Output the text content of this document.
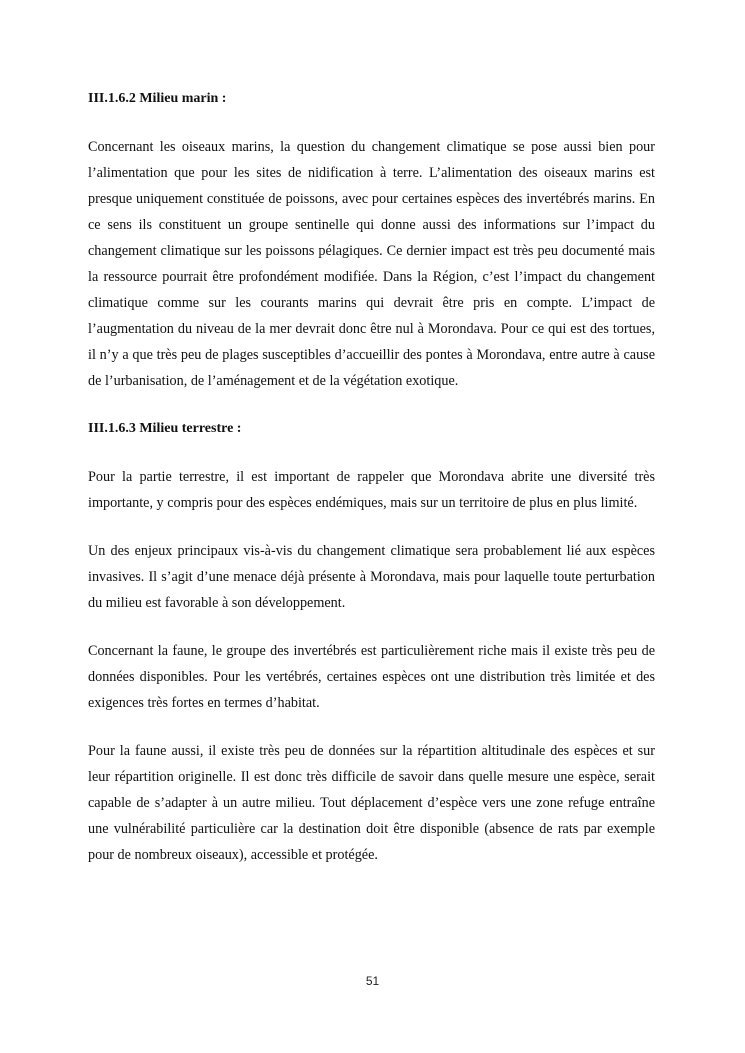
III.1.6.2 Milieu marin :

Concernant les oiseaux marins, la question du changement climatique se pose aussi bien pour l’alimentation que pour les sites de nidification à terre. L’alimentation des oiseaux marins est presque uniquement constituée de poissons, avec pour certaines espèces des invertébrés marins. En ce sens ils constituent un groupe sentinelle qui donne aussi des informations sur l’impact du changement climatique sur les poissons pélagiques. Ce dernier impact est très peu documenté mais la ressource pourrait être profondément modifiée. Dans la Région, c’est l’impact du changement climatique comme sur les courants marins qui devrait être pris en compte. L’impact de l’augmentation du niveau de la mer devrait donc être nul à Morondava. Pour ce qui est des tortues, il n’y a que très peu de plages susceptibles d’accueillir des pontes à Morondava, entre autre à cause de l’urbanisation, de l’aménagement et de la végétation exotique.

III.1.6.3 Milieu terrestre :

Pour la partie terrestre, il est important de rappeler que Morondava abrite une diversité très importante, y compris pour des espèces endémiques, mais sur un territoire de plus en plus limité.

Un des enjeux principaux vis-à-vis du changement climatique sera probablement lié aux espèces invasives. Il s’agit d’une menace déjà présente à Morondava, mais pour laquelle toute perturbation du milieu est favorable à son développement.

Concernant la faune, le groupe des invertébrés est particulièrement riche mais il existe très peu de données disponibles. Pour les vertébrés, certaines espèces ont une distribution très limitée et des exigences très fortes en termes d’habitat.

Pour la faune aussi, il existe très peu de données sur la répartition altitudinale des espèces et sur leur répartition originelle. Il est donc très difficile de savoir dans quelle mesure une espèce, serait capable de s’adapter à un autre milieu. Tout déplacement d’espèce vers une zone refuge entraîne une vulnérabilité particulière car la destination doit être disponible (absence de rats par exemple pour de nombreux oiseaux), accessible et protégée.

51
